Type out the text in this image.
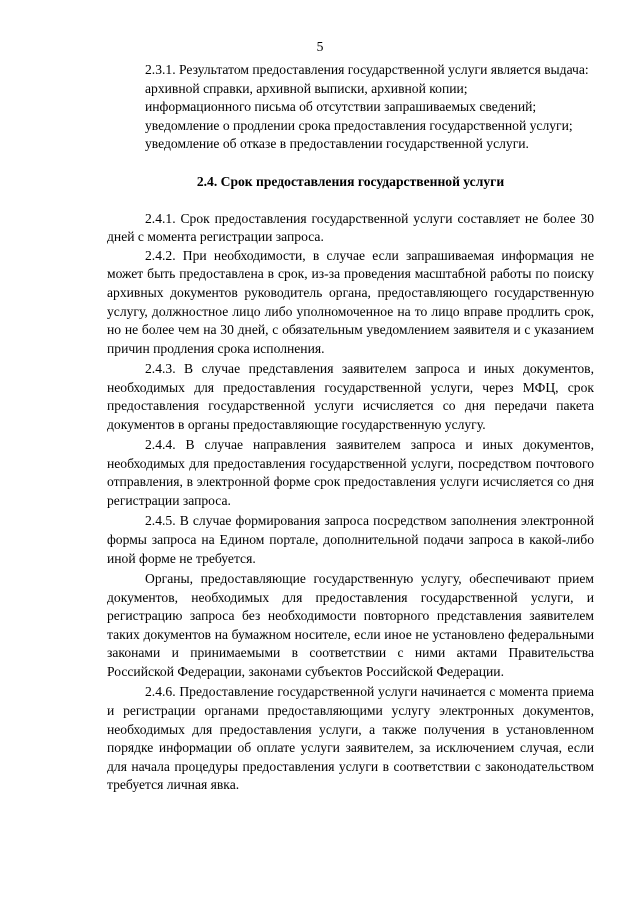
5

2.3.1. Результатом предоставления государственной услуги является выдача:

архивной справки, архивной выписки, архивной копии;

информационного письма об отсутствии запрашиваемых сведений;

уведомление о продлении срока предоставления государственной услуги;

уведомление об отказе в предоставлении государственной услуги.

2.4. Срок предоставления государственной услуги

2.4.1. Срок предоставления государственной услуги составляет не более 30 дней с момента регистрации запроса.

2.4.2. При необходимости, в случае если запрашиваемая информация не может быть предоставлена в срок, из-за проведения масштабной работы по поиску архивных документов руководитель органа, предоставляющего государственную услугу, должностное лицо либо уполномоченное на то лицо вправе продлить срок, но не более чем на 30 дней, с обязательным уведомлением заявителя и с указанием причин продления срока исполнения.

2.4.3. В случае представления заявителем запроса и иных документов, необходимых для предоставления государственной услуги, через МФЦ, срок предоставления государственной услуги исчисляется со дня передачи пакета документов в органы предоставляющие государственную услугу.

2.4.4. В случае направления заявителем запроса и иных документов, необходимых для предоставления государственной услуги, посредством почтового отправления, в электронной форме срок предоставления услуги исчисляется со дня регистрации запроса.

2.4.5. В случае формирования запроса посредством заполнения электронной формы запроса на Едином портале, дополнительной подачи запроса в какой-либо иной форме не требуется.

Органы, предоставляющие государственную услугу, обеспечивают прием документов, необходимых для предоставления государственной услуги, и регистрацию запроса без необходимости повторного представления заявителем таких документов на бумажном носителе, если иное не установлено федеральными законами и принимаемыми в соответствии с ними актами Правительства Российской Федерации, законами субъектов Российской Федерации.

2.4.6. Предоставление государственной услуги начинается с момента приема и регистрации органами предоставляющими услугу электронных документов, необходимых для предоставления услуги, а также получения в установленном порядке информации об оплате услуги заявителем, за исключением случая, если для начала процедуры предоставления услуги в соответствии с законодательством требуется личная явка.
